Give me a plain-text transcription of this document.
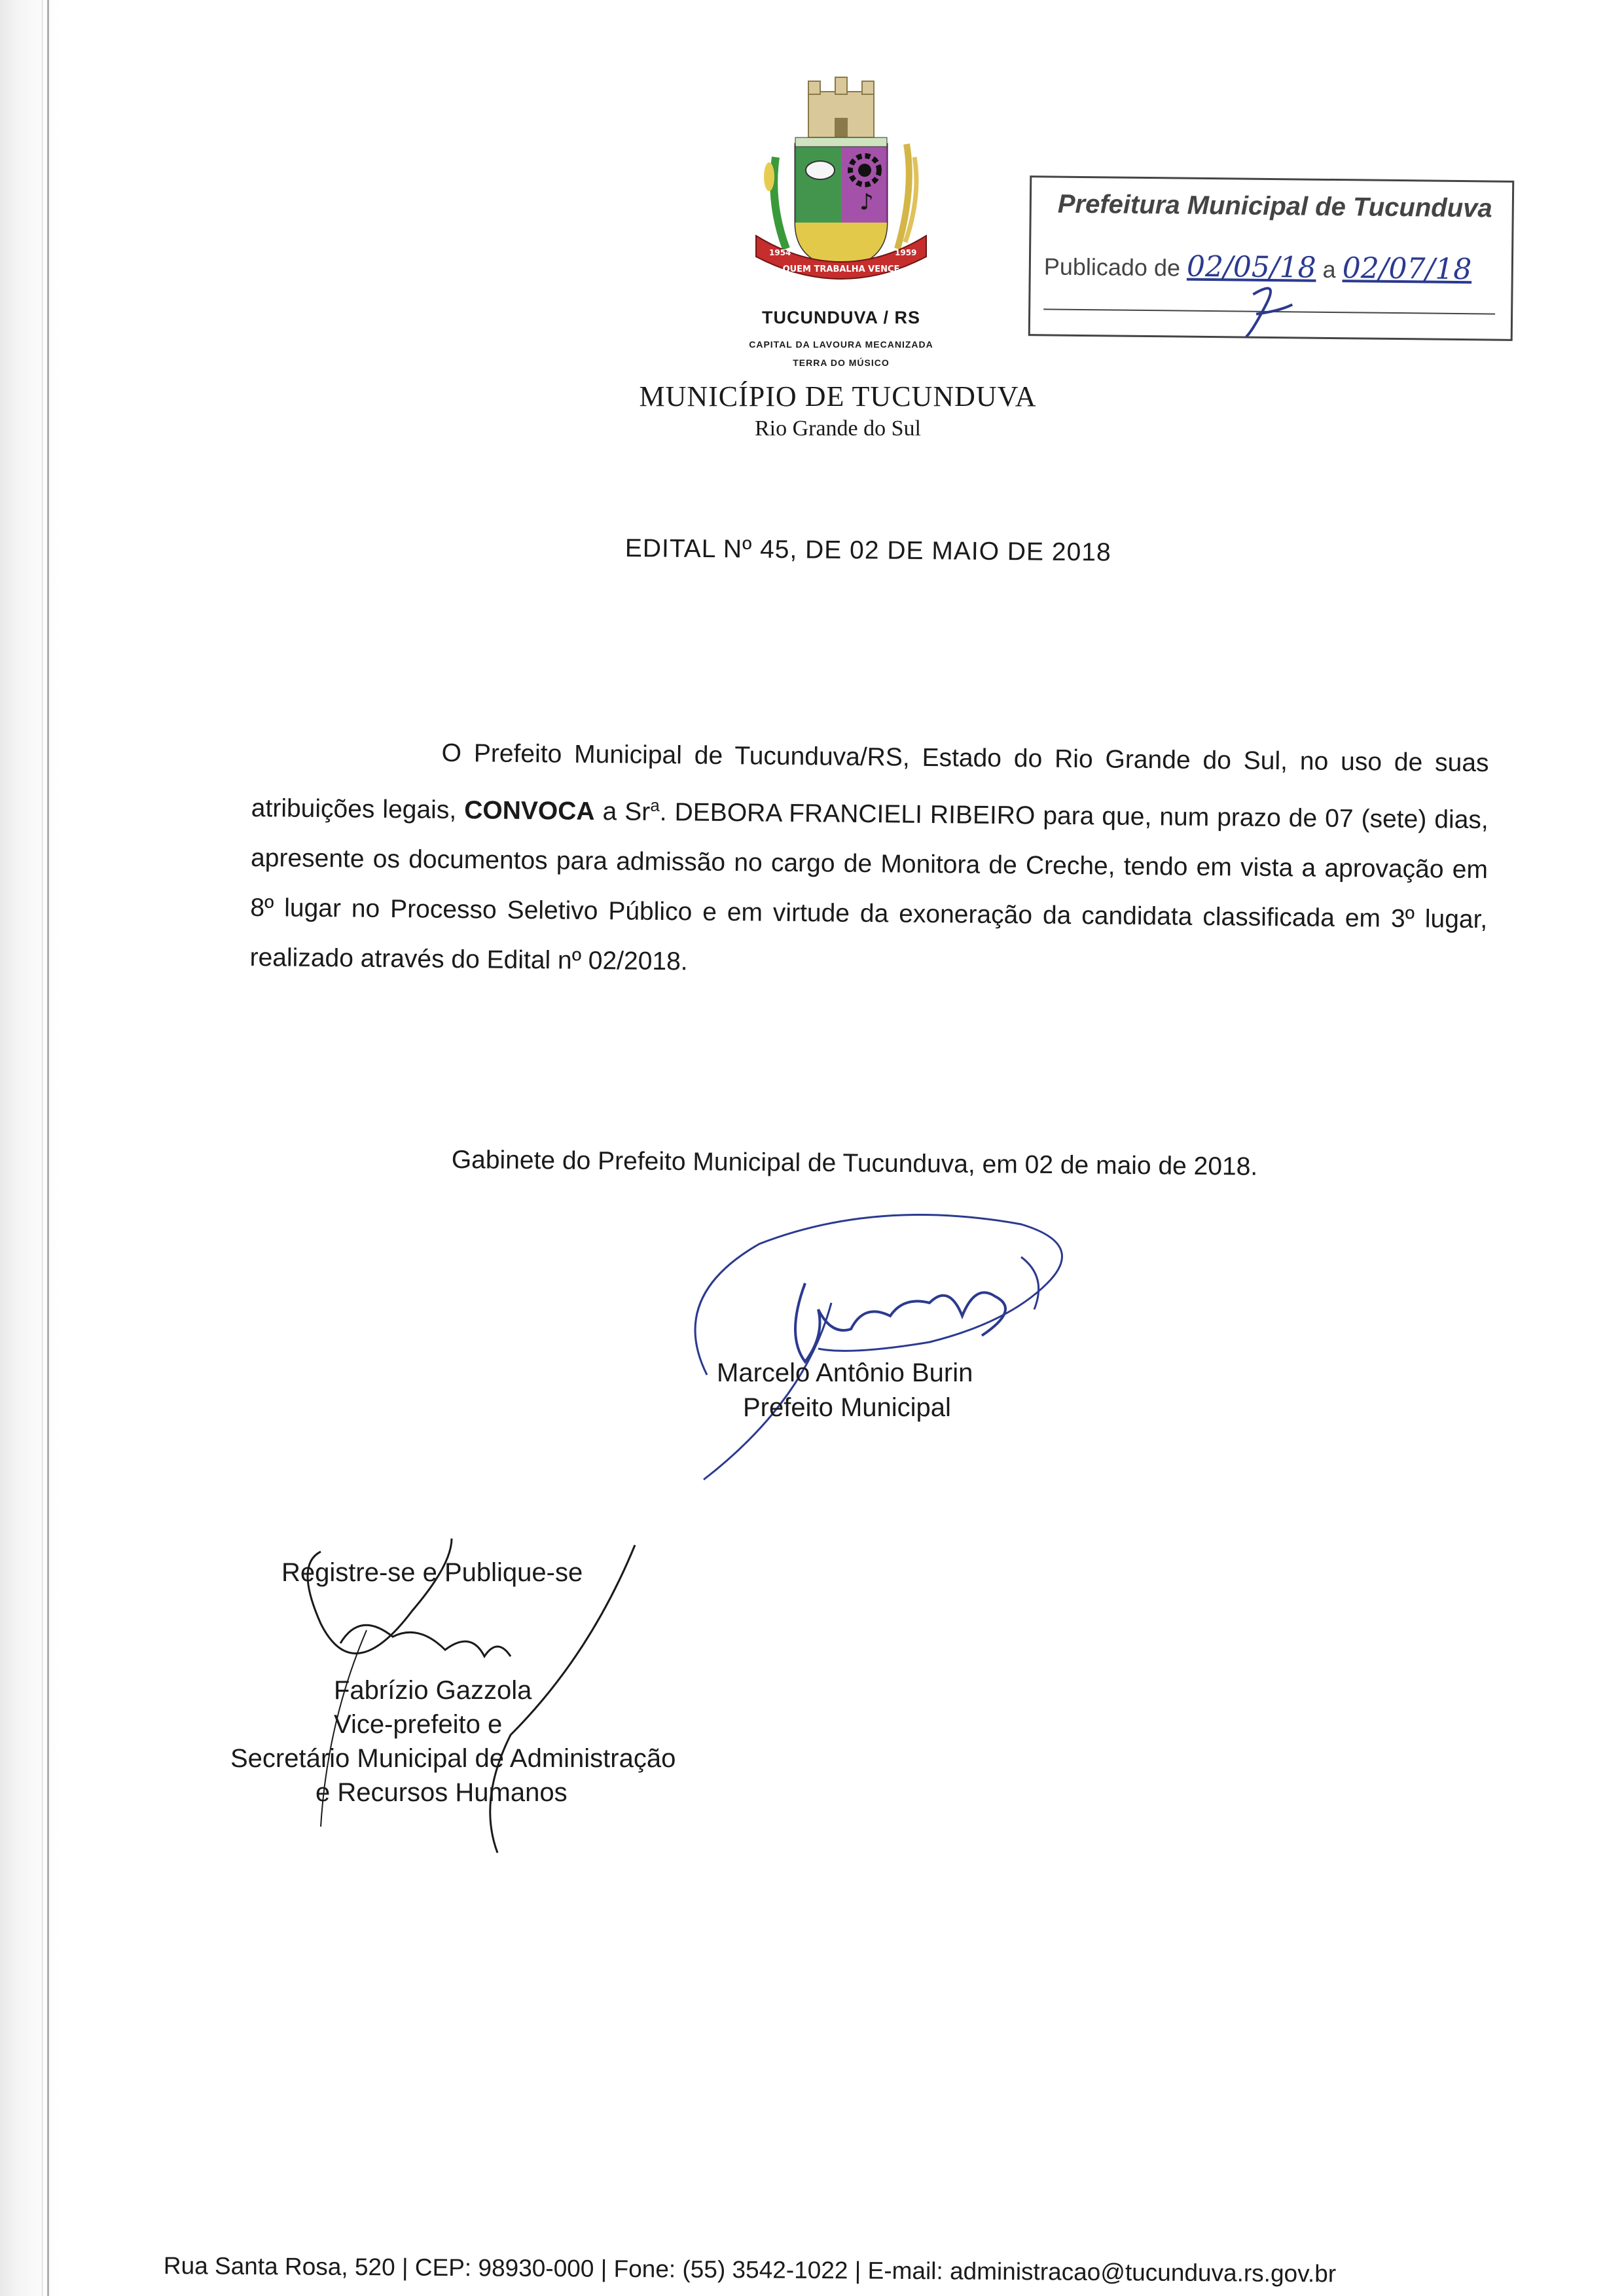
♪
QUEM TRABALHA VENCE
1954	1959
TUCUNDUVA / RS
CAPITAL DA LAVOURA MECANIZADA
TERRA DO MÚSICO
MUNICÍPIO DE TUCUNDUVA
Rio Grande do Sul
Prefeitura Municipal de Tucunduva
Publicado de 02/05/18 a 02/07/18
EDITAL Nº 45, DE 02 DE MAIO DE 2018

O Prefeito Municipal de Tucunduva/RS, Estado do Rio Grande do Sul, no uso de suas atribuições legais, CONVOCA a Sr$^a$. DEBORA FRANCIELI RIBEIRO para que, num prazo de 07 (sete) dias, apresente os documentos para admissão no cargo de Monitora de Creche, tendo em vista a aprovação em 8º lugar no Processo Seletivo Público e em virtude da exoneração da candidata classificada em 3º lugar, realizado através do Edital nº 02/2018.

Gabinete do Prefeito Municipal de Tucunduva, em 02 de maio de 2018.
Marcelo Antônio Burin
Prefeito Municipal
Registre-se e Publique-se
Fabrízio Gazzola
Vice-prefeito e
Secretário Municipal de Administração
e Recursos Humanos
Rua Santa Rosa, 520 | CEP: 98930-000 | Fone: (55) 3542-1022 | E-mail: administracao@tucunduva.rs.gov.br
